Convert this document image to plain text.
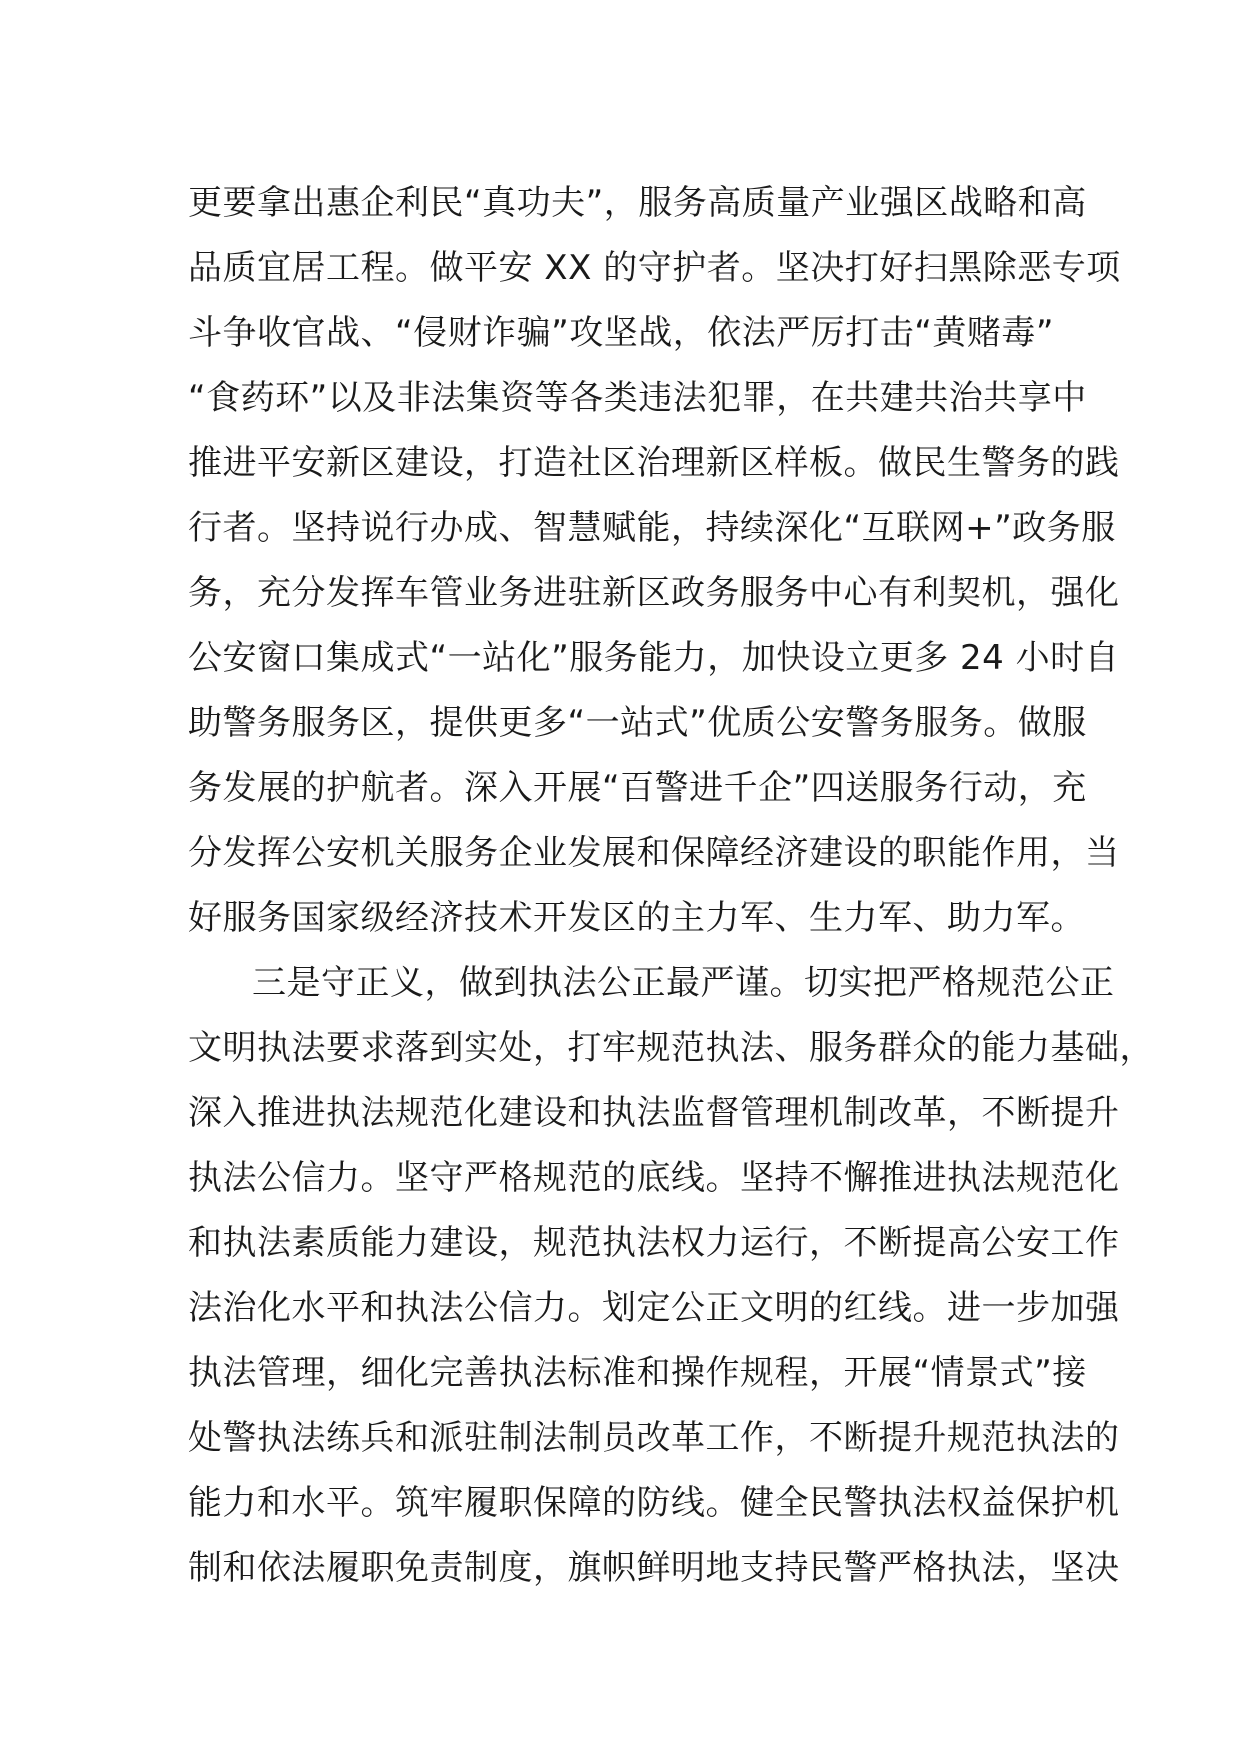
更要拿出惠企利民“真功夫”，服务高质量产业强区战略和高
品质宜居工程。做平安 XX 的守护者。坚决打好扫黑除恶专项
斗争收官战、“侵财诈骗”攻坚战，依法严厉打击“黄赌毒”
“食药环”以及非法集资等各类违法犯罪，在共建共治共享中
推进平安新区建设，打造社区治理新区样板。做民生警务的践
行者。坚持说行办成、智慧赋能，持续深化“互联网+”政务服
务，充分发挥车管业务进驻新区政务服务中心有利契机，强化
公安窗口集成式“一站化”服务能力，加快设立更多 24 小时自
助警务服务区，提供更多“一站式”优质公安警务服务。做服
务发展的护航者。深入开展“百警进千企”四送服务行动，充
分发挥公安机关服务企业发展和保障经济建设的职能作用，当
好服务国家级经济技术开发区的主力军、生力军、助力军。
三是守正义，做到执法公正最严谨。切实把严格规范公正
文明执法要求落到实处，打牢规范执法、服务群众的能力基础，
深入推进执法规范化建设和执法监督管理机制改革，不断提升
执法公信力。坚守严格规范的底线。坚持不懈推进执法规范化
和执法素质能力建设，规范执法权力运行，不断提高公安工作
法治化水平和执法公信力。划定公正文明的红线。进一步加强
执法管理，细化完善执法标准和操作规程，开展“情景式”接
处警执法练兵和派驻制法制员改革工作，不断提升规范执法的
能力和水平。筑牢履职保障的防线。健全民警执法权益保护机
制和依法履职免责制度，旗帜鲜明地支持民警严格执法，坚决
